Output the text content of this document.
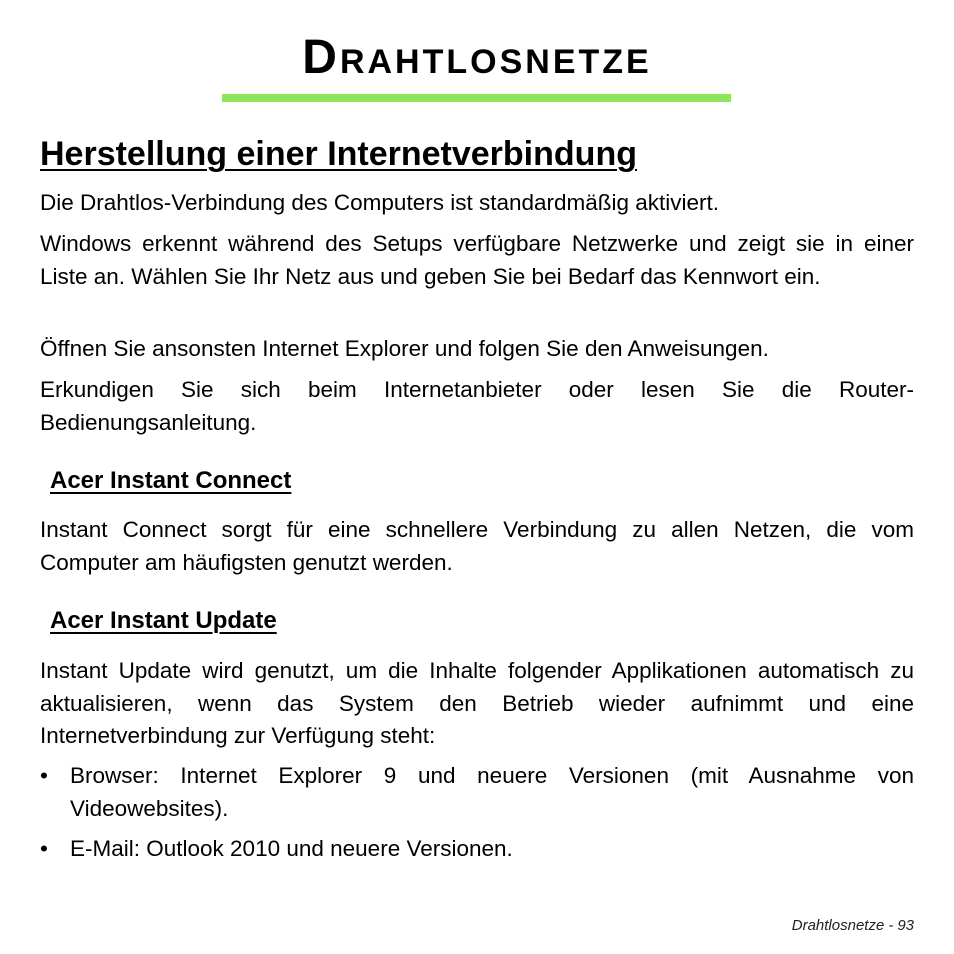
Drahtlosnetze
Herstellung einer Internetverbindung

Die Drahtlos-Verbindung des Computers ist standardmäßig aktiviert.

Windows erkennt während des Setups verfügbare Netzwerke und zeigt sie in einer Liste an. Wählen Sie Ihr Netz aus und geben Sie bei Bedarf das Kennwort ein.

Öffnen Sie ansonsten Internet Explorer und folgen Sie den Anweisungen.

Erkundigen Sie sich beim Internetanbieter oder lesen Sie die Router-Bedienungsanleitung.

Acer Instant Connect

Instant Connect sorgt für eine schnellere Verbindung zu allen Netzen, die vom Computer am häufigsten genutzt werden.

Acer Instant Update

Instant Update wird genutzt, um die Inhalte folgender Applikationen automatisch zu aktualisieren, wenn das System den Betrieb wieder aufnimmt und eine Internetverbindung zur Verfügung steht:

• Browser: Internet Explorer 9 und neuere Versionen (mit Ausnahme von Videowebsites).
• E-Mail: Outlook 2010 und neuere Versionen.
Drahtlosnetze - 93
